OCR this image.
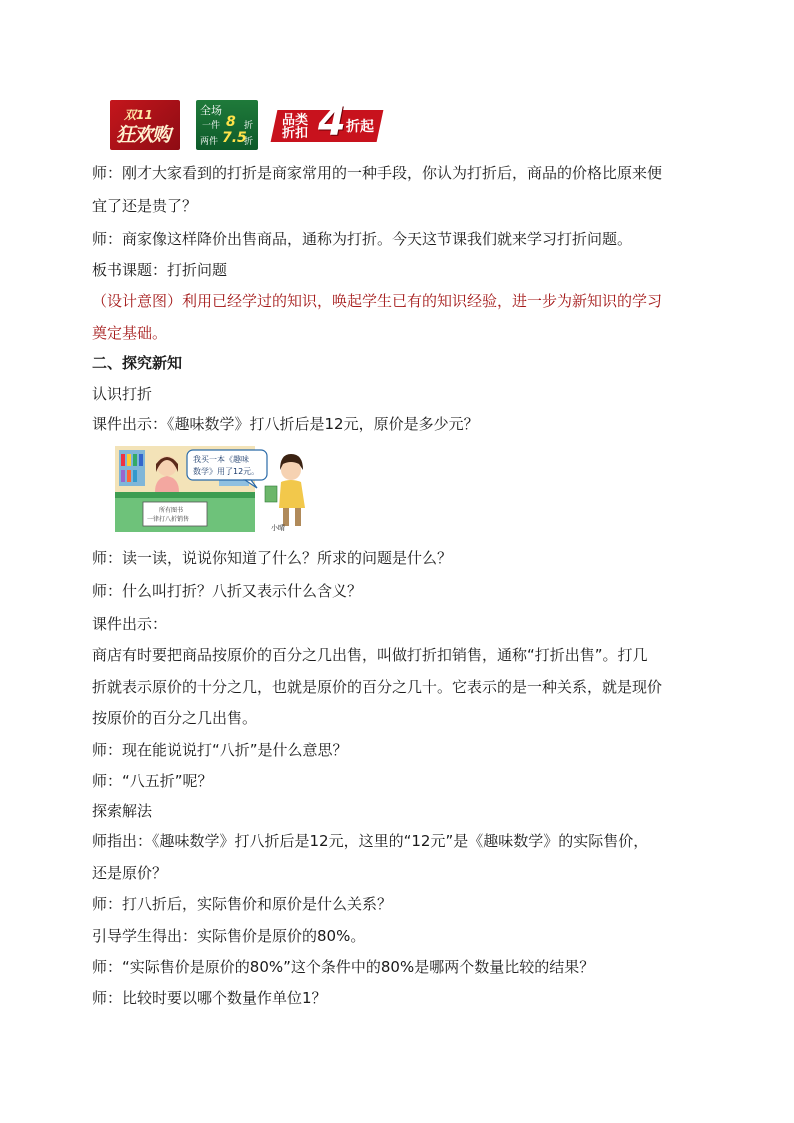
双11
狂欢购
全场
一件 8 折
两件 7.5
折
品类折扣 4 折起
师：刚才大家看到的打折是商家常用的一种手段，你认为打折后，商品的价格比原来便
宜了还是贵了？
师：商家像这样降价出售商品，通称为打折。今天这节课我们就来学习打折问题。
板书课题：打折问题
（设计意图）利用已经学过的知识，唤起学生已有的知识经验，进一步为新知识的学习
奠定基础。
二、探究新知
认识打折
课件出示：《趣味数学》打八折后是12元，原价是多少元？
我买一本《趣味
数学》用了12元。
所有图书
一律打八折销售
小晴
师：读一读，说说你知道了什么？所求的问题是什么？
师：什么叫打折？八折又表示什么含义？
课件出示：
商店有时要把商品按原价的百分之几出售，叫做打折扣销售，通称“打折出售”。打几
折就表示原价的十分之几，也就是原价的百分之几十。它表示的是一种关系，就是现价
按原价的百分之几出售。
师：现在能说说打“八折”是什么意思？
师：“八五折”呢？
探索解法
师指出：《趣味数学》打八折后是12元，这里的“12元”是《趣味数学》的实际售价，
还是原价？
师：打八折后，实际售价和原价是什么关系？
引导学生得出：实际售价是原价的80%。
师：“实际售价是原价的80%”这个条件中的80%是哪两个数量比较的结果？
师：比较时要以哪个数量作单位1？
